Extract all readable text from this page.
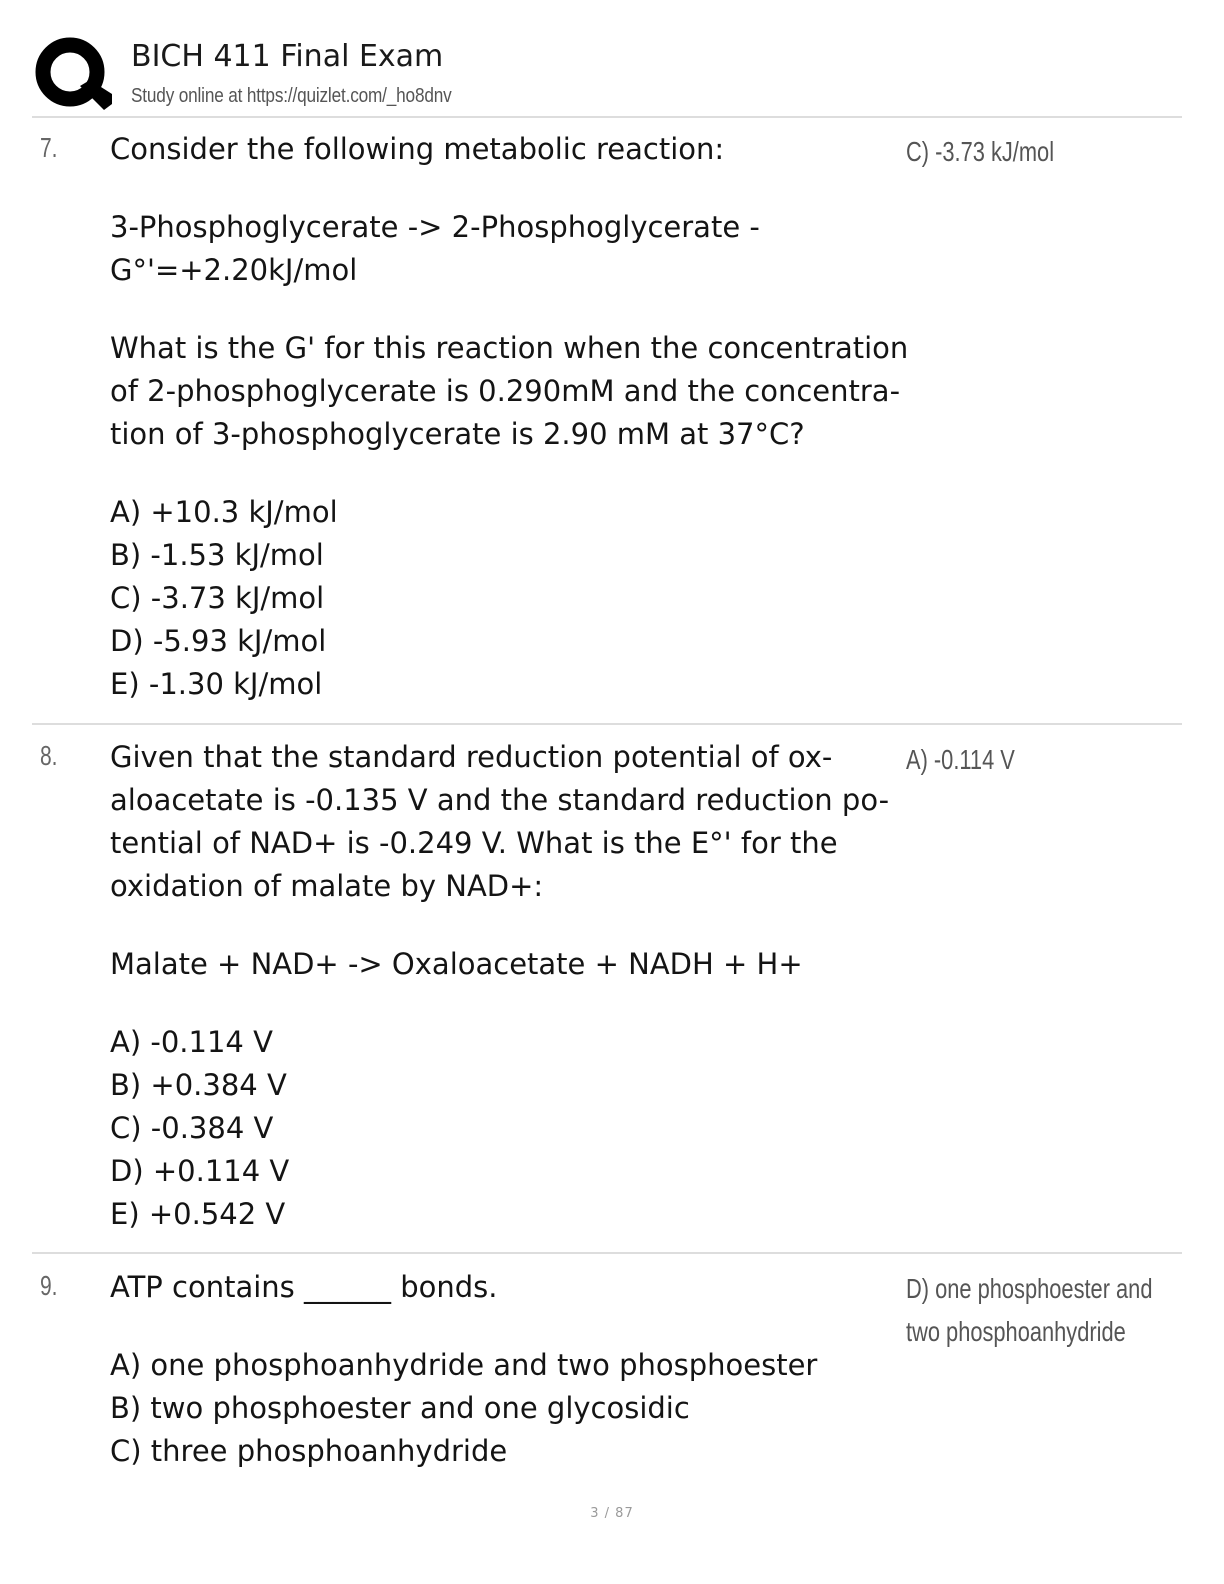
BICH 411 Final Exam
Study online at https://quizlet.com/_ho8dnv
7. Consider the following metabolic reaction:

3-Phosphoglycerate -> 2-Phosphoglycerate -
G°'=+2.20kJ/mol

What is the G' for this reaction when the concentration
of 2-phosphoglycerate is 0.290mM and the concentra-
tion of 3-phosphoglycerate is 2.90 mM at 37°C?

A) +10.3 kJ/mol
B) -1.53 kJ/mol
C) -3.73 kJ/mol
D) -5.93 kJ/mol
E) -1.30 kJ/mol

C) -3.73 kJ/mol
8. Given that the standard reduction potential of ox-
aloacetate is -0.135 V and the standard reduction po-
tential of NAD+ is -0.249 V. What is the E°' for the
oxidation of malate by NAD+:

Malate + NAD+ -> Oxaloacetate + NADH + H+

A) -0.114 V
B) +0.384 V
C) -0.384 V
D) +0.114 V
E) +0.542 V

A) -0.114 V
9. ATP contains ______ bonds.

A) one phosphoanhydride and two phosphoester
B) two phosphoester and one glycosidic
C) three phosphoanhydride

D) one phosphoester and
two phosphoanhydride
3 / 87
